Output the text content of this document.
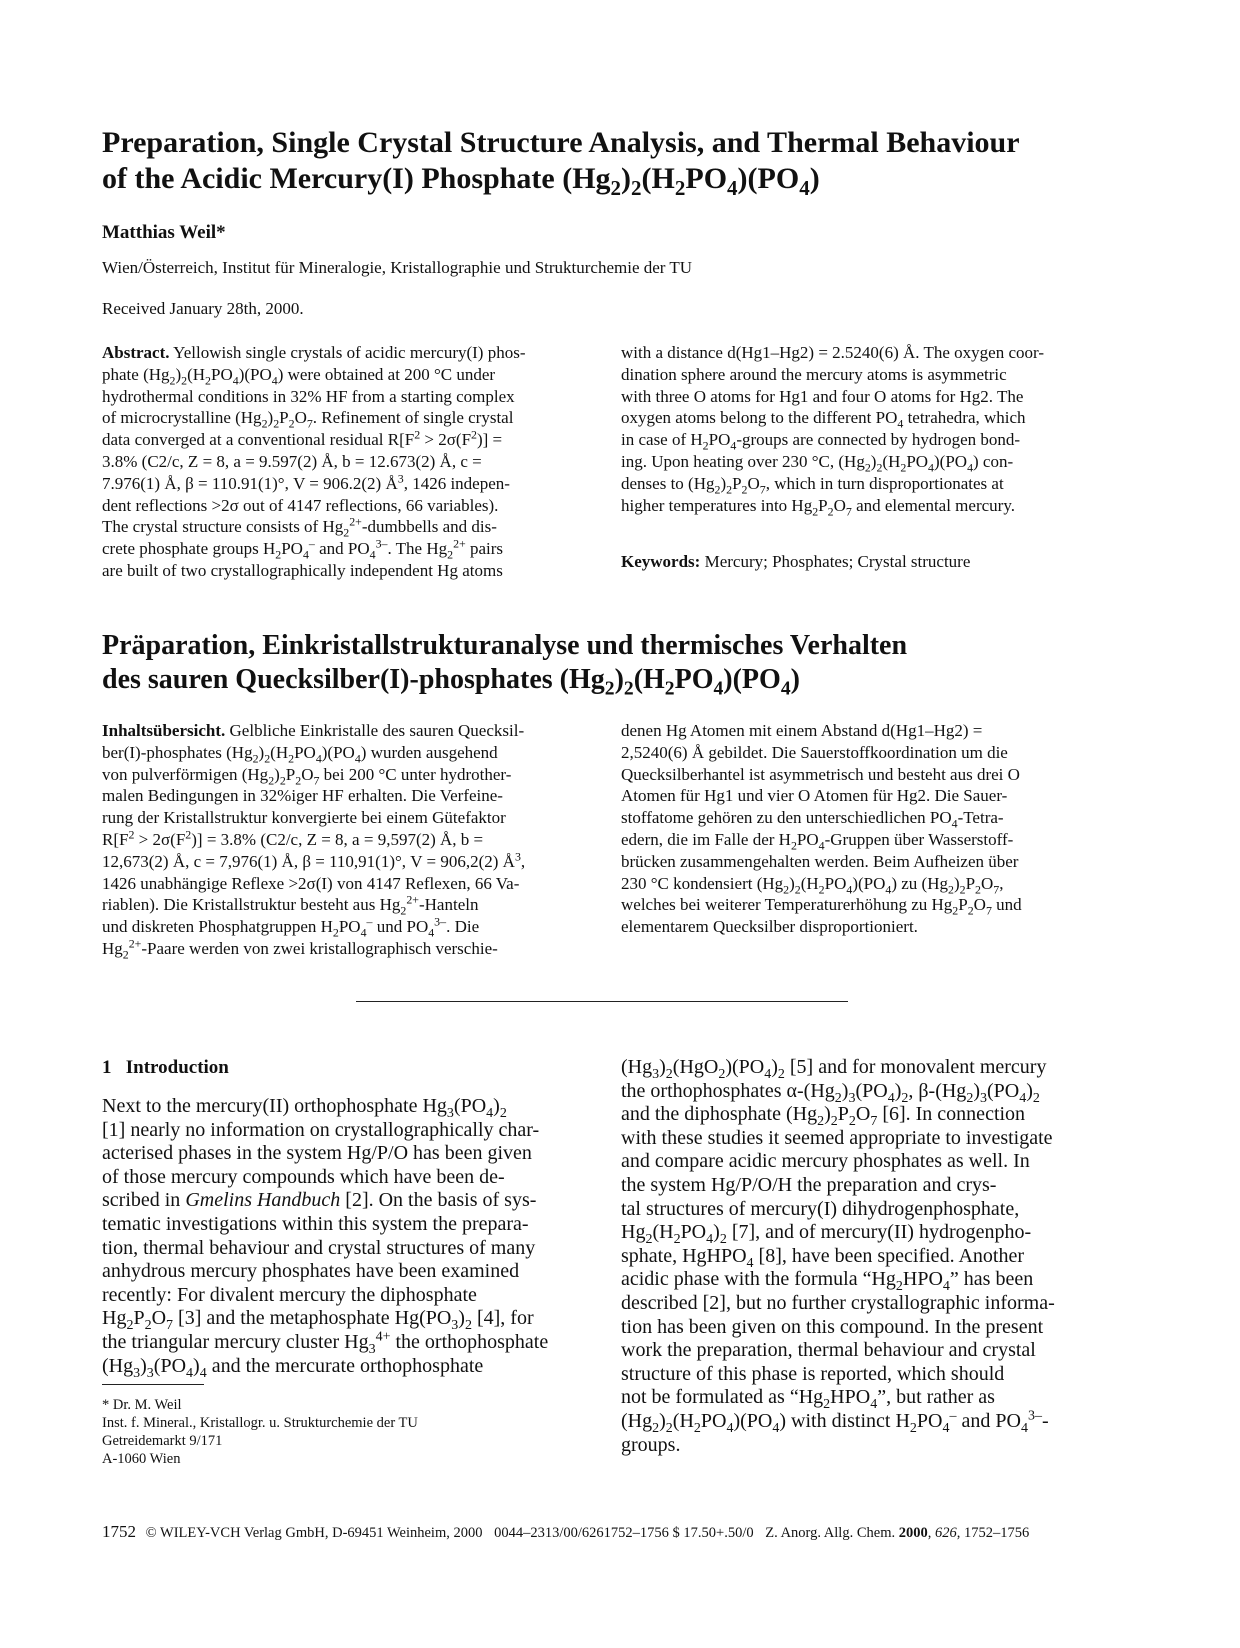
Preparation, Single Crystal Structure Analysis, and Thermal Behaviour
of the Acidic Mercury(I) Phosphate $(Hg_2)_2(H_2PO_4)(PO_4)$
Matthias Weil*
Wien/Österreich, Institut für Mineralogie, Kristallographie und Strukturchemie der TU
Received January 28th, 2000.
Abstract. Yellowish single crystals of acidic mercury(I) phos-
phate $(Hg_2)_2(H_2PO_4)(PO_4)$ were obtained at 200 °C under
hydrothermal conditions in 32% HF from a starting complex
of microcrystalline $(Hg_2)_2P_2O_7$. Refinement of single crystal
data converged at a conventional residual $R[F^2 > 2\sigma(F^2)]$ =
3.8% (C2/c, Z = 8, a = 9.597(2) Å, b = 12.673(2) Å, c =
7.976(1) Å, β = 110.91(1)°, V = 906.2(2) $Å^3$, 1426 indepen-
dent reflections >2σ out of 4147 reflections, 66 variables).
The crystal structure consists of $Hg_2^{2+}$-dumbbells and dis-
crete phosphate groups $H_2PO_4^-$ and $PO_4^{3-}$. The $Hg_2^{2+}$ pairs
are built of two crystallographically independent Hg atoms
with a distance d(Hg1–Hg2) = 2.5240(6) Å. The oxygen coor-
dination sphere around the mercury atoms is asymmetric
with three O atoms for Hg1 and four O atoms for Hg2. The
oxygen atoms belong to the different $PO_4$ tetrahedra, which
in case of $H_2PO_4$-groups are connected by hydrogen bond-
ing. Upon heating over 230 °C, $(Hg_2)_2(H_2PO_4)(PO_4)$ con-
denses to $(Hg_2)_2P_2O_7$, which in turn disproportionates at
higher temperatures into $Hg_2P_2O_7$ and elemental mercury.
Keywords: Mercury; Phosphates; Crystal structure
Präparation, Einkristallstrukturanalyse und thermisches Verhalten
des sauren Quecksilber(I)-phosphates $(Hg_2)_2(H_2PO_4)(PO_4)$
Inhaltsübersicht. Gelbliche Einkristalle des sauren Quecksil-
ber(I)-phosphates $(Hg_2)_2(H_2PO_4)(PO_4)$ wurden ausgehend
von pulverförmigen $(Hg_2)_2P_2O_7$ bei 200 °C unter hydrother-
malen Bedingungen in 32%iger HF erhalten. Die Verfeine-
rung der Kristallstruktur konvergierte bei einem Gütefaktor
$R[F^2 > 2\sigma(F^2)] = 3.8\%$ (C2/c, Z = 8, a = 9,597(2) Å, b =
12,673(2) Å, c = 7,976(1) Å, β = 110,91(1)°, V = 906,2(2) $Å^3$,
1426 unabhängige Reflexe >2σ(I) von 4147 Reflexen, 66 Va-
riablen). Die Kristallstruktur besteht aus $Hg_2^{2+}$-Hanteln
und diskreten Phosphatgruppen $H_2PO_4^-$ und $PO_4^{3-}$. Die
$Hg_2^{2+}$-Paare werden von zwei kristallographisch verschie-
denen Hg Atomen mit einem Abstand d(Hg1–Hg2) =
2,5240(6) Å gebildet. Die Sauerstoffkoordination um die
Quecksilberhantel ist asymmetrisch und besteht aus drei O
Atomen für Hg1 und vier O Atomen für Hg2. Die Sauer-
stoffatome gehören zu den unterschiedlichen $PO_4-Tetra-$
edern, die im Falle der $H_2PO_4$-Gruppen über Wasserstoff-
brücken zusammengehalten werden. Beim Aufheizen über
230 °C kondensiert $(Hg_2)_2(H_2PO_4)(PO_4)$ zu $(Hg_2)_2P_2O_7$,
welches bei weiterer Temperaturerhöhung zu $Hg_2P_2O_7$ und
elementarem Quecksilber disproportioniert.
1   Introduction
Next to the mercury(II) orthophosphate $Hg_3(PO_4)_2$
[1] nearly no information on crystallographically char-
acterised phases in the system Hg/P/O has been given
of those mercury compounds which have been de-
scribed in Gmelins Handbuch [2]. On the basis of sys-
tematic investigations within this system the prepara-
tion, thermal behaviour and crystal structures of many
anhydrous mercury phosphates have been examined
recently: For divalent mercury the diphosphate
$Hg_2P_2O_7$ [3] and the metaphosphate $Hg(PO_3)_2$ [4], for
the triangular mercury cluster $Hg_3^{4+}$ the orthophosphate
$(Hg_3)_3(PO_4)_4$ and the mercurate orthophosphate
$(Hg_3)_2(HgO_2)(PO_4)_2$ [5] and for monovalent mercury
the orthophosphates $\alpha-(Hg_2)_3(PO_4)_2$, $\beta-(Hg_2)_3(PO_4)_2$
and the diphosphate $(Hg_2)_2P_2O_7$ [6]. In connection
with these studies it seemed appropriate to investigate
and compare acidic mercury phosphates as well. In
the system Hg/P/O/H the preparation and crys-
tal structures of mercury(I) dihydrogenphosphate,
$Hg_2(H_2PO_4)_2$ [7], and of mercury(II) hydrogenpho-
sphate, HgHPO$_4$ [8], have been specified. Another
acidic phase with the formula “$Hg_2HPO_4$” has been
described [2], but no further crystallographic informa-
tion has been given on this compound. In the present
work the preparation, thermal behaviour and crystal
structure of this phase is reported, which should
not be formulated as “$Hg_2HPO_4$”, but rather as
$(Hg_2)_2(H_2PO_4)(PO_4)$ with distinct $H_2PO_4^-$ and $PO_4^{3-}-$
groups.
* Dr. M. Weil
Inst. f. Mineral., Kristallogr. u. Strukturchemie der TU
Getreidemarkt 9/171
A-1060 Wien
1752 © WILEY-VCH Verlag GmbH, D-69451 Weinheim, 2000 0044–2313/00/6261752–1756 $ 17.50+.50/0 Z. Anorg. Allg. Chem. 2000, 626, 1752–1756
